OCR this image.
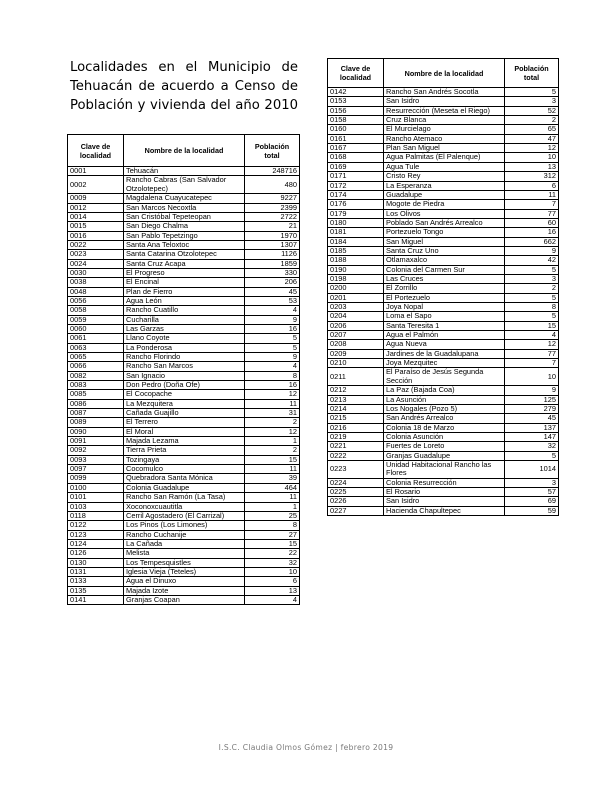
Localidades en el Municipio de
Tehuacán de acuerdo a Censo de
Población y vivienda del año 2010
Clave de localidad	Nombre de la localidad	Población total
0001	Tehuacán	248716
0002	Rancho Cabras (San Salvador Otzolotepec)	480
0009	Magdalena Cuayucatepec	9227
0012	San Marcos Necoxtla	2399
0014	San Cristóbal Tepeteopan	2722
0015	San Diego Chalma	21
0016	San Pablo Tepetzingo	1970
0022	Santa Ana Teloxtoc	1307
0023	Santa Catarina Otzolotepec	1126
0024	Santa Cruz Acapa	1859
0030	El Progreso	330
0038	El Encinal	206
0048	Plan de Fierro	45
0056	Agua León	53
0058	Rancho Cuatillo	4
0059	Cucharilla	9
0060	Las Garzas	16
0061	Llano Coyote	5
0063	La Ponderosa	5
0065	Rancho Florindo	9
0066	Rancho San Marcos	4
0082	San Ignacio	8
0083	Don Pedro (Doña Ofe)	16
0085	El Cocopache	12
0086	La Mezquitera	11
0087	Cañada Guajillo	31
0089	El Terrero	2
0090	El Moral	12
0091	Majada Lezama	1
0092	Tierra Prieta	2
0093	Tozingaya	15
0097	Cocomulco	11
0099	Quebradora Santa Mónica	39
0100	Colonia Guadalupe	464
0101	Rancho San Ramón (La Tasa)	11
0103	Xoconoxcuautitla	1
0118	Cerril Agostadero (El Carrizal)	25
0122	Los Pinos (Los Limones)	8
0123	Rancho Cuchanije	27
0124	La Cañada	15
0126	Melista	22
0130	Los Tempesquistles	32
0131	Iglesia Vieja (Teteles)	10
0133	Agua el Dinuxo	6
0135	Majada Izote	13
0141	Granjas Coapan	4
Clave de localidad	Nombre de la localidad	Población total
0142	Rancho San Andrés Socotla	5
0153	San Isidro	3
0156	Resurrección (Meseta el Riego)	52
0158	Cruz Blanca	2
0160	El Murcielago	65
0161	Rancho Atemaco	47
0167	Plan San Miguel	12
0168	Agua Palmitas (El Palenque)	10
0169	Agua Tule	13
0171	Cristo Rey	312
0172	La Esperanza	6
0174	Guadalupe	11
0176	Mogote de Piedra	7
0179	Los Olivos	77
0180	Poblado San Andrés Arrealco	60
0181	Portezuelo Tongo	16
0184	San Miguel	662
0185	Santa Cruz Uno	9
0188	Otlamaxalco	42
0190	Colonia del Carmen Sur	5
0198	Las Cruces	3
0200	El Zorrillo	2
0201	El Portezuelo	5
0203	Joya Nopal	8
0204	Loma el Sapo	5
0206	Santa Teresita 1	15
0207	Agua el Palmón	4
0208	Agua Nueva	12
0209	Jardines de la Guadalupana	77
0210	Joya Mezquitec	7
0211	El Paraíso de Jesús Segunda Sección	10
0212	La Paz (Bajada Coa)	9
0213	La Asunción	125
0214	Los Nogales (Pozo 5)	279
0215	San Andrés Arrealco	45
0216	Colonia 18 de Marzo	137
0219	Colonia Asunción	147
0221	Fuertes de Loreto	32
0222	Granjas Guadalupe	5
0223	Unidad Habitacional Rancho las Flores	1014
0224	Colonia Resurrección	3
0225	El Rosario	57
0226	San Isidro	69
0227	Hacienda Chapultepec	59
I.S.C. Claudia Olmos Gómez | febrero 2019
